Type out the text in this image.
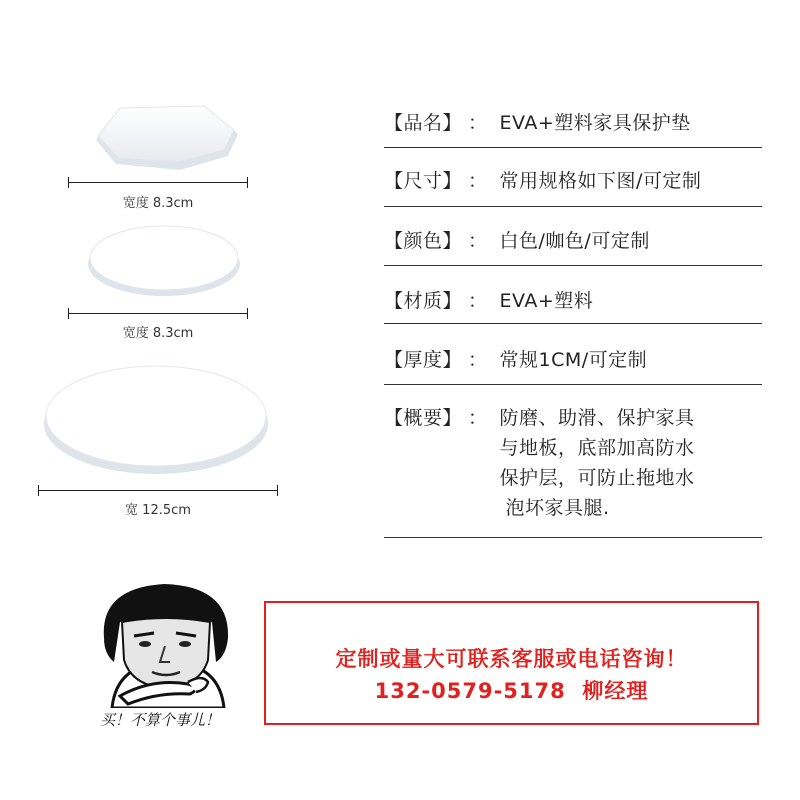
宽度 8.3cm
宽度 8.3cm
宽 12.5cm
【品名】 ： EVA+塑料家具保护垫
【尺寸】 ： 常用规格如下图/可定制
【颜色】 ： 白色/咖色/可定制
【材质】 ： EVA+塑料
【厚度】 ： 常规1CM/可定制
【概要】 ： 防磨、助滑、保护家具
与地板，底部加高防水
保护层，可防止拖地水
泡坏家具腿.
买！不算个事儿！
定制或量大可联系客服或电话咨询！
132-0579-5178  柳经理
